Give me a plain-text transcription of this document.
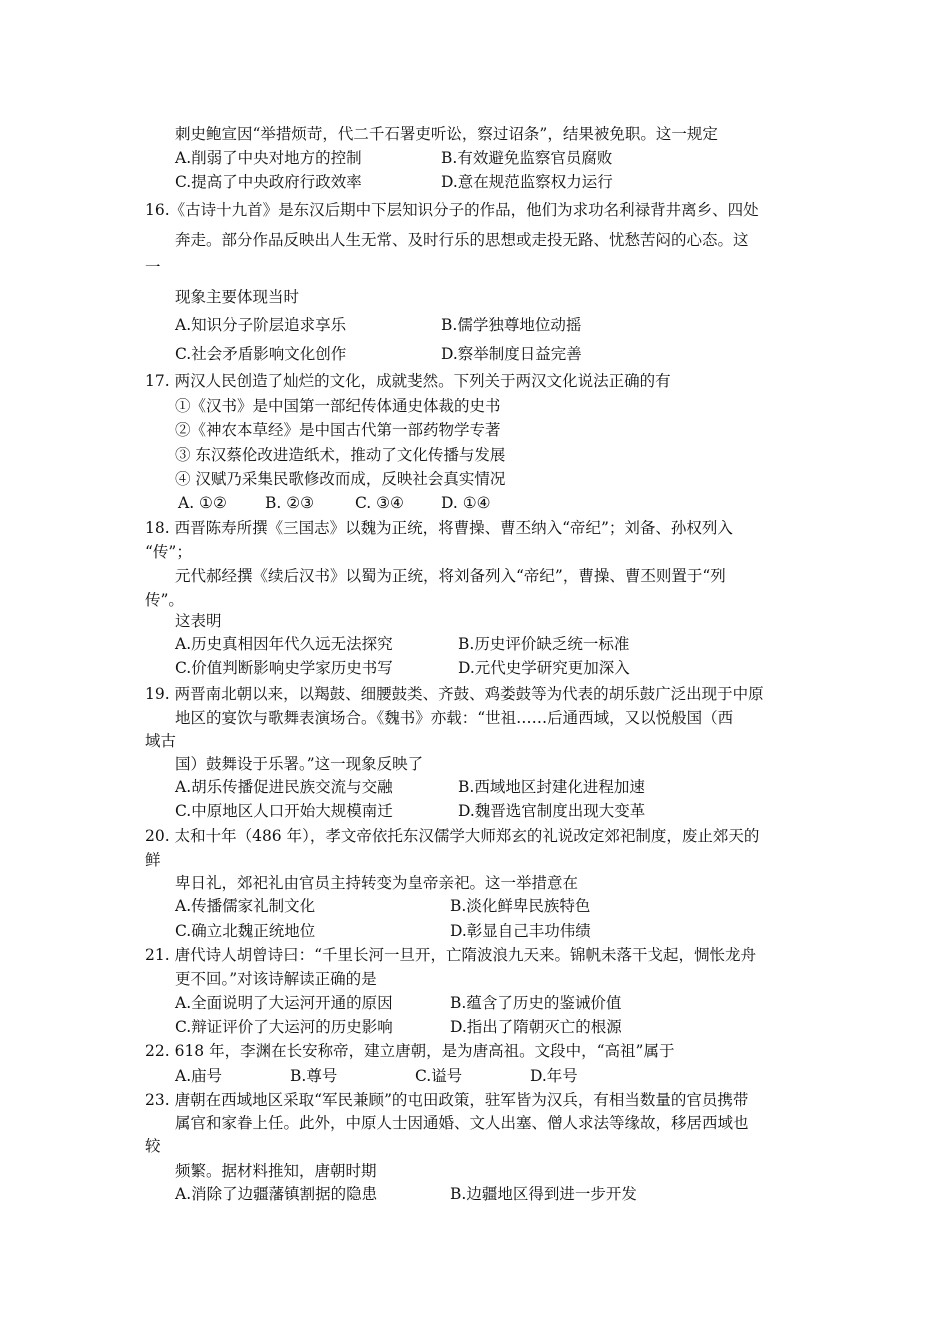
刺史鲍宣因“举措烦苛，代二千石署吏听讼，察过诏条”，结果被免职。这一规定
A.削弱了中央对地方的控制	B.有效避免监察官员腐败
C.提高了中央政府行政效率	D.意在规范监察权力运行
16.《古诗十九首》是东汉后期中下层知识分子的作品，他们为求功名利禄背井离乡、四处
奔走。部分作品反映出人生无常、及时行乐的思想或走投无路、忧愁苦闷的心态。这
一
现象主要体现当时
A.知识分子阶层追求享乐	B.儒学独尊地位动摇
C.社会矛盾影响文化创作	D.察举制度日益完善
17. 两汉人民创造了灿烂的文化，成就斐然。下列关于两汉文化说法正确的有
①《汉书》是中国第一部纪传体通史体裁的史书
②《神农本草经》是中国古代第一部药物学专著
③ 东汉蔡伦改进造纸术，推动了文化传播与发展
④ 汉赋乃采集民歌修改而成，反映社会真实情况
A. ①② B. ②③	C. ③④ D. ①④
18. 西晋陈寿所撰《三国志》以魏为正统，将曹操、曹丕纳入“帝纪”；刘备、孙权列入
“传”；
元代郝经撰《续后汉书》以蜀为正统，将刘备列入“帝纪”，曹操、曹丕则置于“列
传”。
这表明
A.历史真相因年代久远无法探究	B.历史评价缺乏统一标准
C.价值判断影响史学家历史书写	D.元代史学研究更加深入
19. 两晋南北朝以来，以羯鼓、细腰鼓类、齐鼓、鸡娄鼓等为代表的胡乐鼓广泛出现于中原
地区的宴饮与歌舞表演场合。《魏书》亦载：“世祖……后通西域，又以悦般国（西
域古
国）鼓舞设于乐署。”这一现象反映了
A.胡乐传播促进民族交流与交融	B.西域地区封建化进程加速
C.中原地区人口开始大规模南迁	D.魏晋选官制度出现大变革
20. 太和十年（486 年），孝文帝依托东汉儒学大师郑玄的礼说改定郊祀制度，废止郊天的
鲜
卑日礼，郊祀礼由官员主持转变为皇帝亲祀。这一举措意在
A.传播儒家礼制文化	B.淡化鲜卑民族特色
C.确立北魏正统地位	D.彰显自己丰功伟绩
21. 唐代诗人胡曾诗曰：“千里长河一旦开，亡隋波浪九天来。锦帆未落干戈起，惆怅龙舟
更不回。”对该诗解读正确的是
A.全面说明了大运河开通的原因	B.蕴含了历史的鉴诫价值
C.辩证评价了大运河的历史影响	D.指出了隋朝灭亡的根源
22. 618 年，李渊在长安称帝，建立唐朝，是为唐高祖。文段中，“高祖”属于
A.庙号	B.尊号	C.谥号	D.年号
23. 唐朝在西域地区采取“军民兼顾”的屯田政策，驻军皆为汉兵，有相当数量的官员携带
属官和家眷上任。此外，中原人士因通婚、文人出塞、僧人求法等缘故，移居西域也
较
频繁。据材料推知，唐朝时期
A.消除了边疆藩镇割据的隐患	B.边疆地区得到进一步开发
